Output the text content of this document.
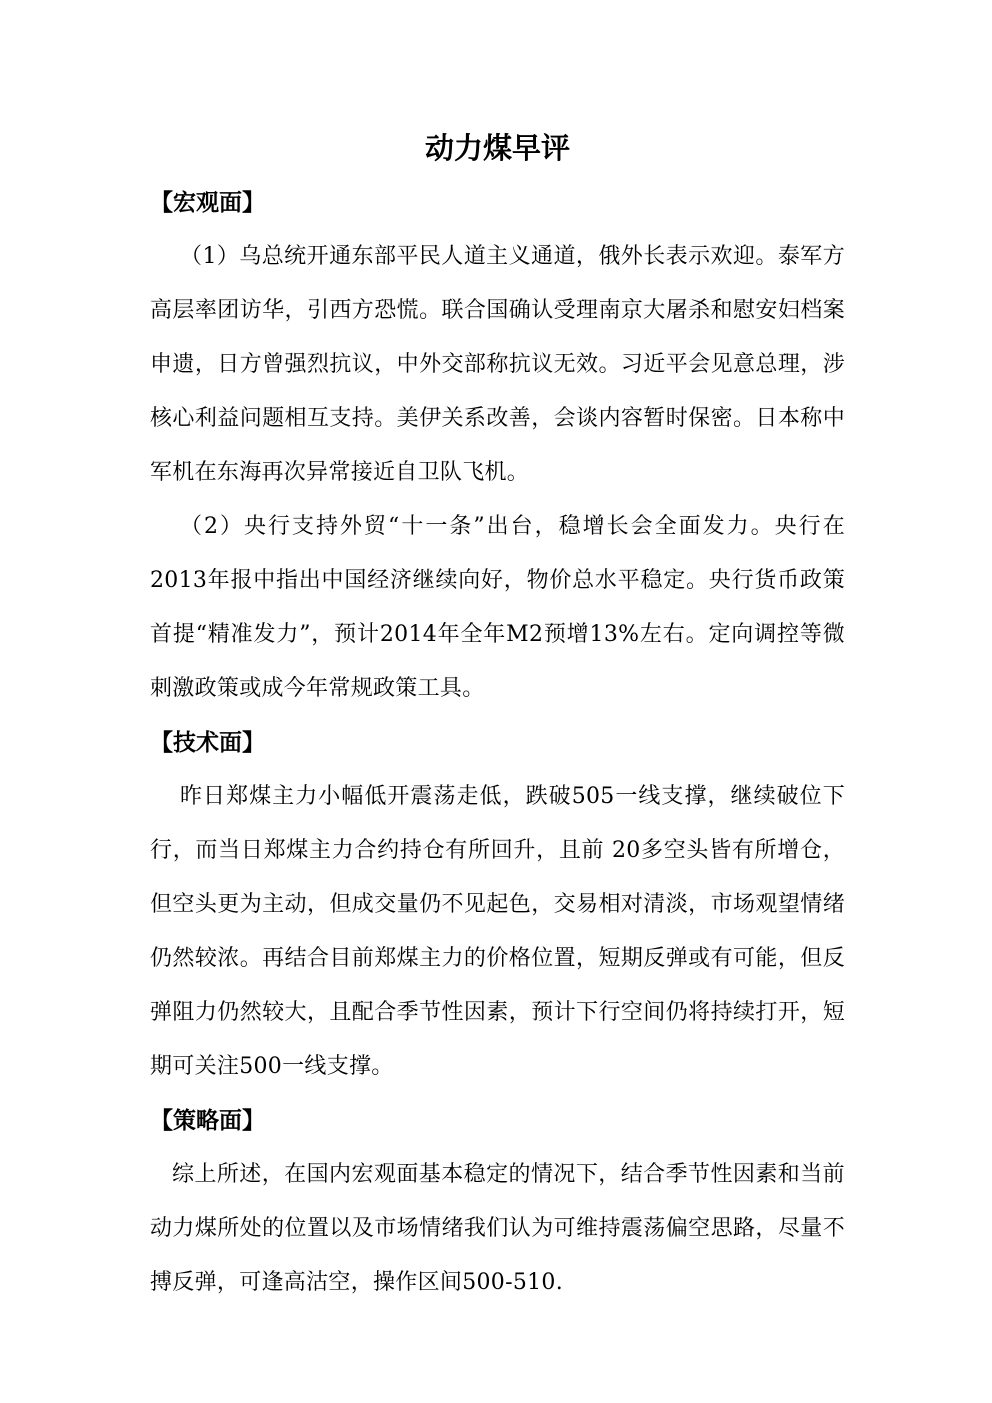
动力煤早评
【宏观面】

（1）乌总统开通东部平民人道主义通道，俄外长表示欢迎。泰军方高层率团访华，引西方恐慌。联合国确认受理南京大屠杀和慰安妇档案申遗，日方曾强烈抗议，中外交部称抗议无效。习近平会见意总理，涉核心利益问题相互支持。美伊关系改善，会谈内容暂时保密。日本称中军机在东海再次异常接近自卫队飞机。

（2）央行支持外贸“十一条”出台，稳增长会全面发力。央行在2013年报中指出中国经济继续向好，物价总水平稳定。央行货币政策首提“精准发力”，预计2014年全年M2预增13%左右。定向调控等微刺激政策或成今年常规政策工具。

【技术面】

昨日郑煤主力小幅低开震荡走低，跌破505一线支撑，继续破位下行，而当日郑煤主力合约持仓有所回升，且前 20多空头皆有所增仓，但空头更为主动，但成交量仍不见起色，交易相对清淡，市场观望情绪仍然较浓。再结合目前郑煤主力的价格位置，短期反弹或有可能，但反弹阻力仍然较大，且配合季节性因素，预计下行空间仍将持续打开，短期可关注500一线支撑。

【策略面】

综上所述，在国内宏观面基本稳定的情况下，结合季节性因素和当前动力煤所处的位置以及市场情绪我们认为可维持震荡偏空思路，尽量不搏反弹，可逢高沽空，操作区间500-510.
